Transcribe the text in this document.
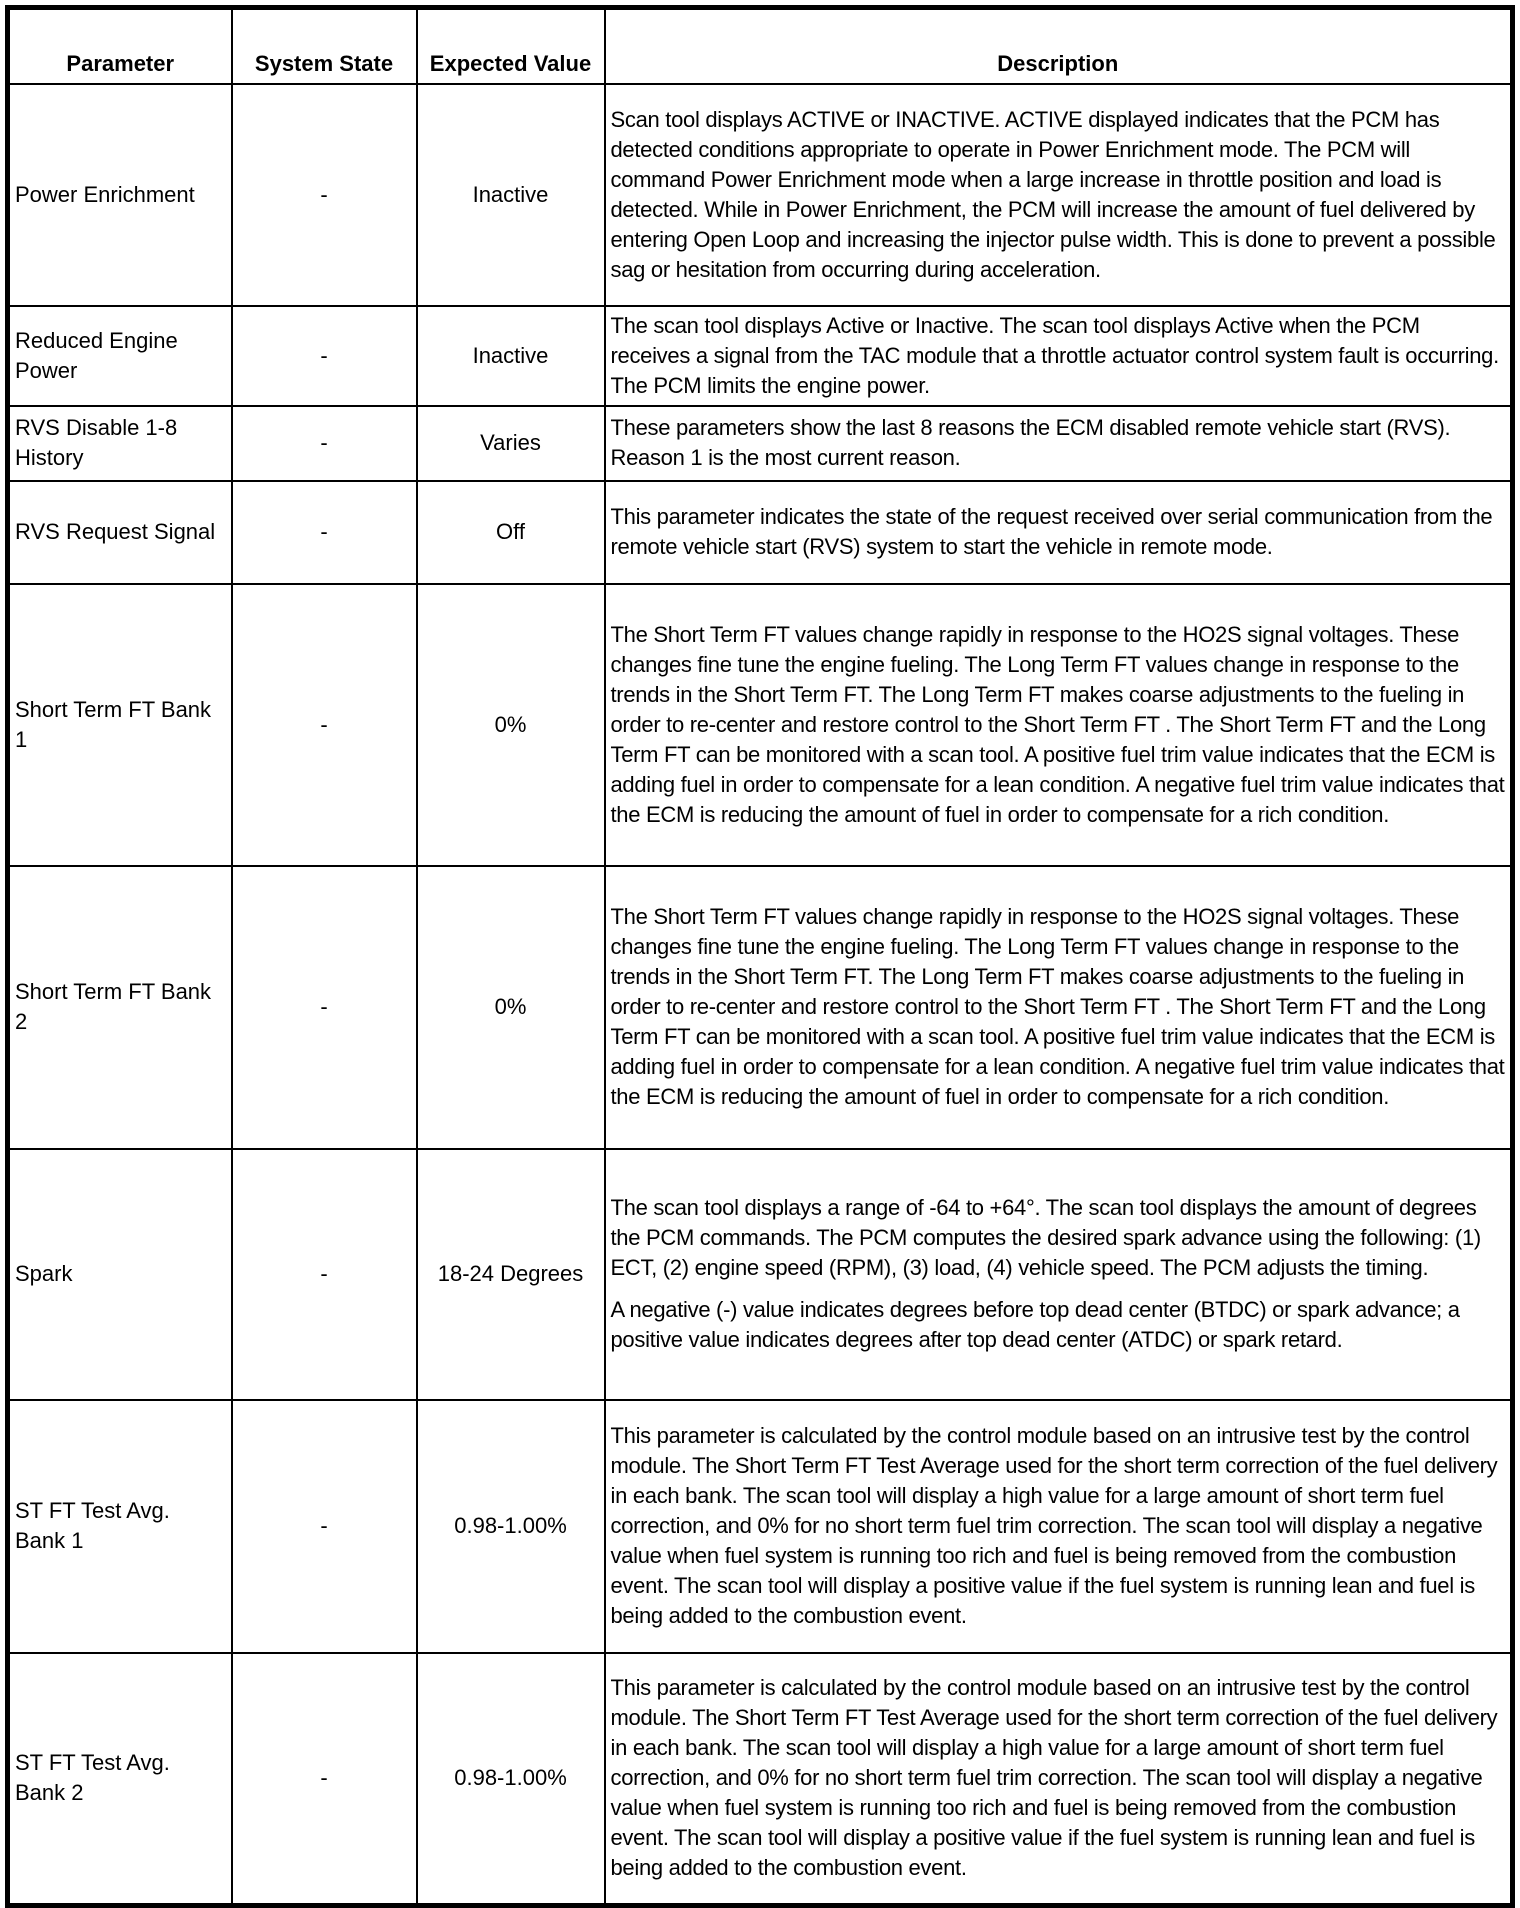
Parameter	System State	Expected Value	Description
Power Enrichment	-	Inactive	Scan tool displays ACTIVE or INACTIVE. ACTIVE displayed indicates that the PCM has detected conditions appropriate to operate in Power Enrichment mode. The PCM will command Power Enrichment mode when a large increase in throttle position and load is detected. While in Power Enrichment, the PCM will increase the amount of fuel delivered by entering Open Loop and increasing the injector pulse width. This is done to prevent a possible sag or hesitation from occurring during acceleration.

Reduced Engine Power	-	Inactive	The scan tool displays Active or Inactive. The scan tool displays Active when the PCM receives a signal from the TAC module that a throttle actuator control system fault is occurring. The PCM limits the engine power.

RVS Disable 1-8 History	-	Varies	These parameters show the last 8 reasons the ECM disabled remote vehicle start (RVS). Reason 1 is the most current reason.

RVS Request Signal	-	Off	This parameter indicates the state of the request received over serial communication from the remote vehicle start (RVS) system to start the vehicle in remote mode.

Short Term FT Bank 1	-	0%	The Short Term FT values change rapidly in response to the HO2S signal voltages. These changes fine tune the engine fueling. The Long Term FT values change in response to the trends in the Short Term FT. The Long Term FT makes coarse adjustments to the fueling in order to re-center and restore control to the Short Term FT . The Short Term FT and the Long Term FT can be monitored with a scan tool. A positive fuel trim value indicates that the ECM is adding fuel in order to compensate for a lean condition. A negative fuel trim value indicates that the ECM is reducing the amount of fuel in order to compensate for a rich condition.

Short Term FT Bank 2	-	0%	The Short Term FT values change rapidly in response to the HO2S signal voltages. These changes fine tune the engine fueling. The Long Term FT values change in response to the trends in the Short Term FT. The Long Term FT makes coarse adjustments to the fueling in order to re-center and restore control to the Short Term FT . The Short Term FT and the Long Term FT can be monitored with a scan tool. A positive fuel trim value indicates that the ECM is adding fuel in order to compensate for a lean condition. A negative fuel trim value indicates that the ECM is reducing the amount of fuel in order to compensate for a rich condition.

Spark	-	18-24 Degrees	The scan tool displays a range of -64 to +64°. The scan tool displays the amount of degrees the PCM commands. The PCM computes the desired spark advance using the following: (1) ECT, (2) engine speed (RPM), (3) load, (4) vehicle speed. The PCM adjusts the timing.

A negative (-) value indicates degrees before top dead center (BTDC) or spark advance; a positive value indicates degrees after top dead center (ATDC) or spark retard.

ST FT Test Avg. Bank 1	-	0.98-1.00%	This parameter is calculated by the control module based on an intrusive test by the control module. The Short Term FT Test Average used for the short term correction of the fuel delivery in each bank. The scan tool will display a high value for a large amount of short term fuel correction, and 0% for no short term fuel trim correction. The scan tool will display a negative value when fuel system is running too rich and fuel is being removed from the combustion event. The scan tool will display a positive value if the fuel system is running lean and fuel is being added to the combustion event.

ST FT Test Avg. Bank 2	-	0.98-1.00%	This parameter is calculated by the control module based on an intrusive test by the control module. The Short Term FT Test Average used for the short term correction of the fuel delivery in each bank. The scan tool will display a high value for a large amount of short term fuel correction, and 0% for no short term fuel trim correction. The scan tool will display a negative value when fuel system is running too rich and fuel is being removed from the combustion event. The scan tool will display a positive value if the fuel system is running lean and fuel is being added to the combustion event.
